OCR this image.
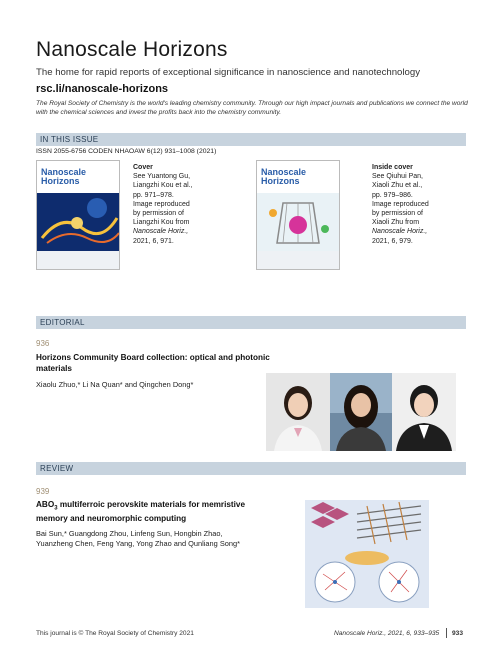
Nanoscale Horizons
The home for rapid reports of exceptional significance in nanoscience and nanotechnology
rsc.li/nanoscale-horizons
The Royal Society of Chemistry is the world's leading chemistry community. Through our high impact journals and publications we connect the world with the chemical sciences and invest the profits back into the chemistry community.
IN THIS ISSUE
ISSN 2055-6756 CODEN NHAOAW 6(12) 931–1008 (2021)
Nanoscale Horizons
Cover
See Yuantong Gu,
Liangzhi Kou et al.,
pp. 971–978.
Image reproduced
by permission of
Liangzhi Kou from
Nanoscale Horiz.,
2021, 6, 971.
Nanoscale Horizons
Inside cover
See Qiuhui Pan,
Xiaoli Zhu et al.,
pp. 979–986.
Image reproduced
by permission of
Xiaoli Zhu from
Nanoscale Horiz.,
2021, 6, 979.
EDITORIAL
936
Horizons Community Board collection: optical and photonic materials
Xiaolu Zhuo,* Li Na Quan* and Qingchen Dong*
REVIEW
939
$ABO_3$ multiferroic perovskite materials for memristive memory and neuromorphic computing
Bai Sun,* Guangdong Zhou, Linfeng Sun, Hongbin Zhao, Yuanzheng Chen, Feng Yang, Yong Zhao and Qunliang Song*
This journal is © The Royal Society of Chemistry 2021	Nanoscale Horiz., 2021, 6, 933–935 933
